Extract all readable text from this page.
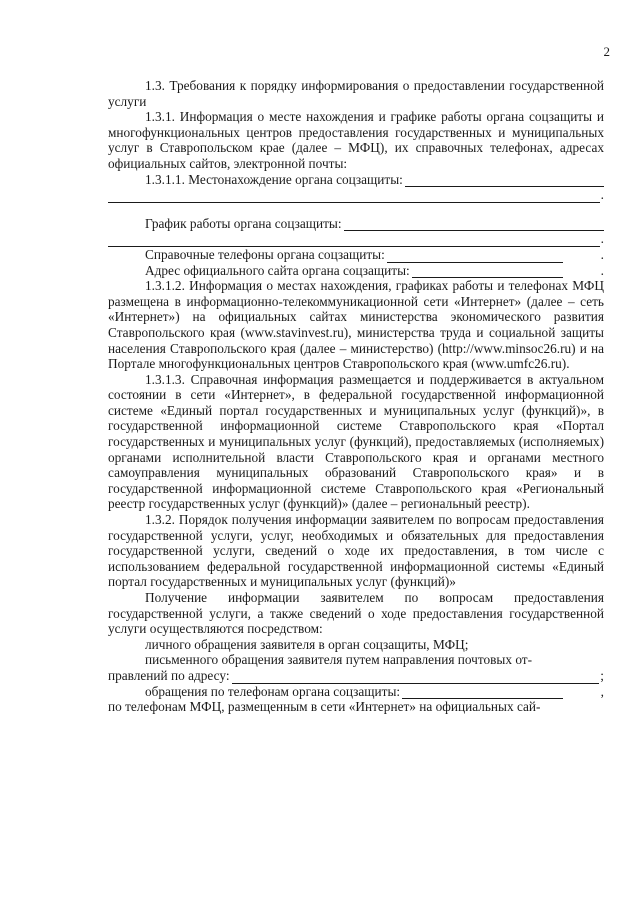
2

1.3. Требования к порядку информирования о предоставлении государственной услуги

1.3.1. Информация о месте нахождения и графике работы органа соцзащиты и многофункциональных центров предоставления государственных и муниципальных услуг в Ставропольском крае (далее – МФЦ), их справочных телефонах, адресах официальных сайтов, электронной почты:

1.3.1.1. Местонахождение органа соцзащиты:
.
График работы органа соцзащиты:
.
Справочные телефоны органа соцзащиты:	.
Адрес официального сайта органа соцзащиты:	.

1.3.1.2. Информация о местах нахождения, графиках работы и телефонах МФЦ размещена в информационно-телекоммуникационной сети «Интернет» (далее – сеть «Интернет») на официальных сайтах министерства экономического развития Ставропольского края (www.stavinvest.ru), министерства труда и социальной защиты населения Ставропольского края (далее – министерство) (http://www.minsoc26.ru) и на Портале многофункциональных центров Ставропольского края (www.umfc26.ru).

1.3.1.3. Справочная информация размещается и поддерживается в актуальном состоянии в сети «Интернет», в федеральной государственной информационной системе «Единый портал государственных и муниципальных услуг (функций)», в государственной информационной системе Ставропольского края «Портал государственных и муниципальных услуг (функций), предоставляемых (исполняемых) органами исполнительной власти Ставропольского края и органами местного самоуправления муниципальных образований Ставропольского края» и в государственной информационной системе Ставропольского края «Региональный реестр государственных услуг (функций)» (далее – региональный реестр).

1.3.2. Порядок получения информации заявителем по вопросам предоставления государственной услуги, услуг, необходимых и обязательных для предоставления государственной услуги, сведений о ходе их предоставления, в том числе с использованием федеральной государственной информационной системы «Единый портал государственных и муниципальных услуг (функций)»

Получение информации заявителем по вопросам предоставления государственной услуги, а также сведений о ходе предоставления государственной услуги осуществляются посредством:

личного обращения заявителя в орган соцзащиты, МФЦ;

письменного обращения заявителя путем направления почтовых от-

правлений по адресу:	;
обращения по телефонам органа соцзащиты:	,

по телефонам МФЦ, размещенным в сети «Интернет» на официальных сай-
